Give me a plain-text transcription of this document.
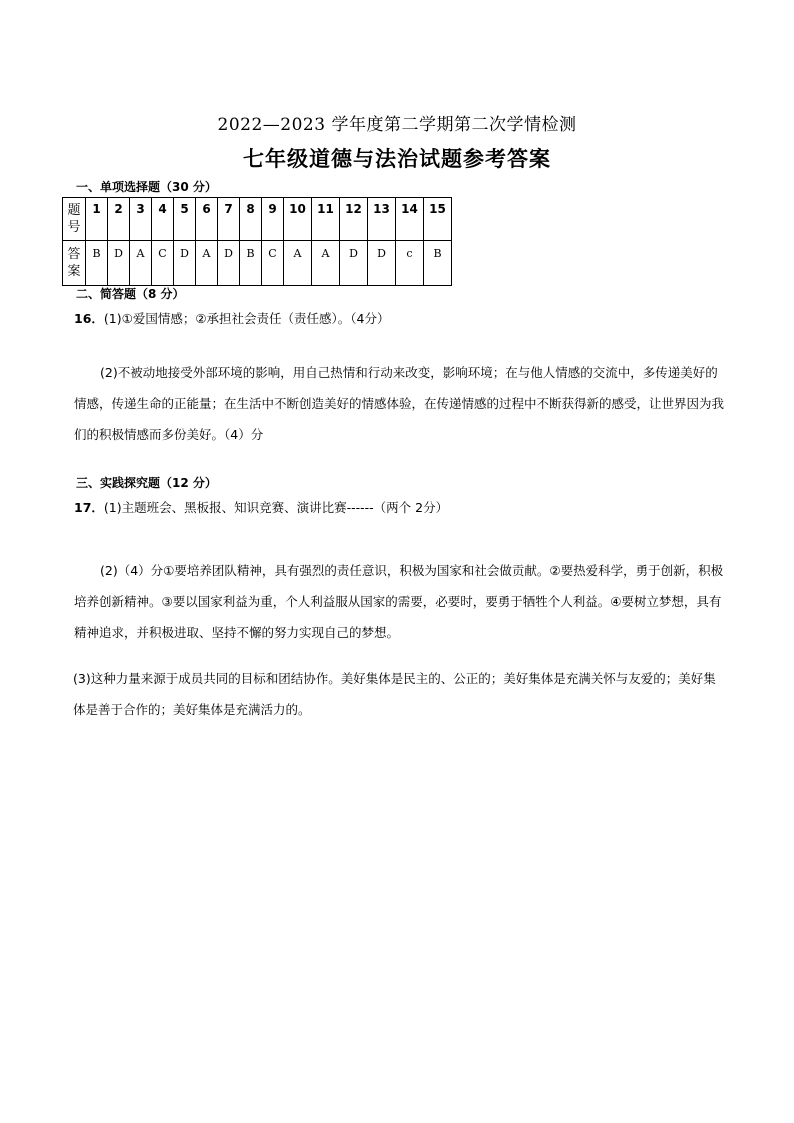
2022—2023 学年度第二学期第二次学情检测
七年级道德与法治试题参考答案
一、单项选择题（30 分）
题
号	1	2	3	4	5	6	7	8	9	10	11	12	13	14	15
答
案	B	D	A	C	D	A	D	B	C	A	A	D	D	c	B
二、简答题（8 分）
16．(1)①爱国情感；②承担社会责任（责任感）。（4分）
(2)不被动地接受外部环境的影响，用自己热情和行动来改变，影响环境；在与他人情感的交流中，多传递美好的情感，传递生命的正能量；在生活中不断创造美好的情感体验，在传递情感的过程中不断获得新的感受，让世界因为我们的积极情感而多份美好。（4）分
三、实践探究题（12 分）
17．(1)主题班会、黑板报、知识竞赛、演讲比赛------（两个 2分）
(2)（4）分①要培养团队精神，具有强烈的责任意识，积极为国家和社会做贡献。②要热爱科学，勇于创新，积极培养创新精神。③要以国家利益为重，个人利益服从国家的需要，必要时，要勇于牺牲个人利益。④要树立梦想，具有精神追求，并积极进取、坚持不懈的努力实现自己的梦想。
(3)这种力量来源于成员共同的目标和团结协作。美好集体是民主的、公正的；美好集体是充满关怀与友爱的；美好集体是善于合作的；美好集体是充满活力的。
